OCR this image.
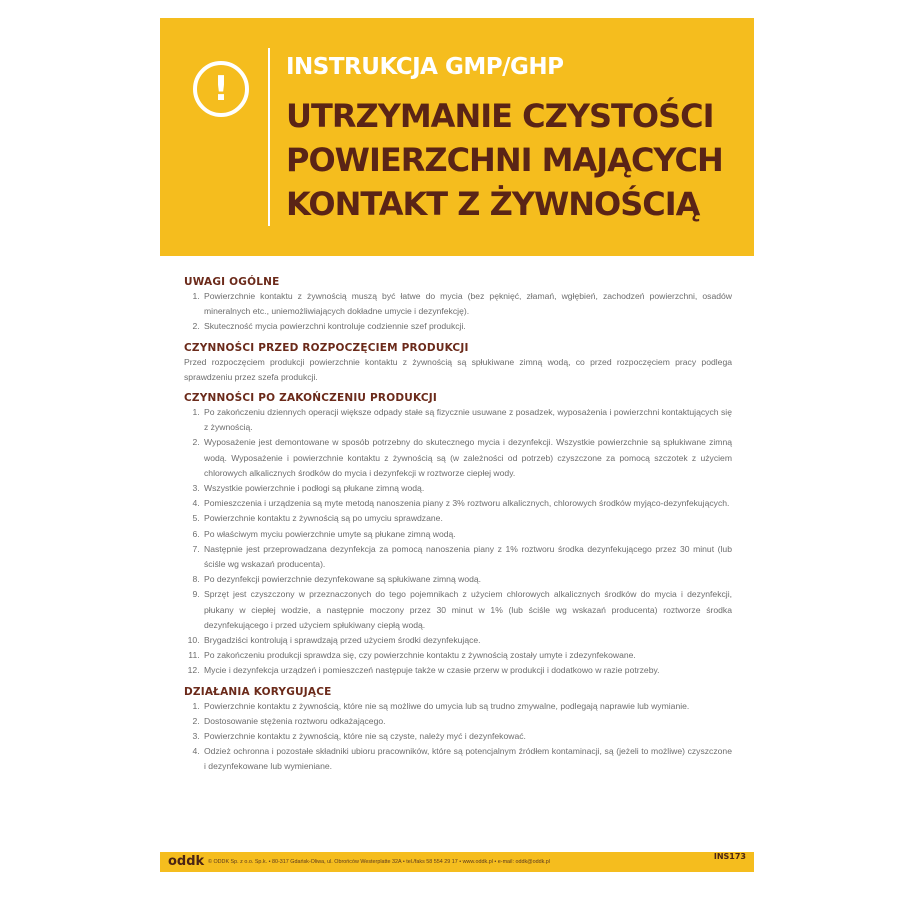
!
INSTRUKCJA GMP/GHP
UTRZYMANIE CZYSTOŚCI
POWIERZCHNI MAJĄCYCH
KONTAKT Z ŻYWNOŚCIĄ
UWAGI OGÓLNE
1. Powierzchnie kontaktu z żywnością muszą być łatwe do mycia (bez pęknięć, złamań, wgłębień, zachodzeń powierzchni, osadów mineralnych etc., uniemożliwiających dokładne umycie i dezynfekcję).
2. Skuteczność mycia powierzchni kontroluje codziennie szef produkcji.
CZYNNOŚCI PRZED ROZPOCZĘCIEM PRODUKCJI
Przed rozpoczęciem produkcji powierzchnie kontaktu z żywnością są spłukiwane zimną wodą, co przed rozpoczęciem pracy podlega sprawdzeniu przez szefa produkcji.
CZYNNOŚCI PO ZAKOŃCZENIU PRODUKCJI
1. Po zakończeniu dziennych operacji większe odpady stałe są fizycznie usuwane z posadzek, wyposażenia i powierzchni kontaktujących się z żywnością.
2. Wyposażenie jest demontowane w sposób potrzebny do skutecznego mycia i dezynfekcji. Wszystkie powierzchnie są spłukiwane zimną wodą. Wyposażenie i powierzchnie kontaktu z żywnością są (w zależności od potrzeb) czyszczone za pomocą szczotek z użyciem chlorowych alkalicznych środków do mycia i dezynfekcji w roztworze ciepłej wody.
3. Wszystkie powierzchnie i podłogi są płukane zimną wodą.
4. Pomieszczenia i urządzenia są myte metodą nanoszenia piany z 3% roztworu alkalicznych, chlorowych środków myjąco-dezynfekujących.
5. Powierzchnie kontaktu z żywnością są po umyciu sprawdzane.
6. Po właściwym myciu powierzchnie umyte są płukane zimną wodą.
7. Następnie jest przeprowadzana dezynfekcja za pomocą nanoszenia piany z 1% roztworu środka dezynfekującego przez 30 minut (lub ściśle wg wskazań producenta).
8. Po dezynfekcji powierzchnie dezynfekowane są spłukiwane zimną wodą.
9. Sprzęt jest czyszczony w przeznaczonych do tego pojemnikach z użyciem chlorowych alkalicznych środków do mycia i dezynfekcji, płukany w ciepłej wodzie, a następnie moczony przez 30 minut w 1% (lub ściśle wg wskazań producenta) roztworze środka dezynfekującego i przed użyciem spłukiwany ciepłą wodą.
10. Brygadziści kontrolują i sprawdzają przed użyciem środki dezynfekujące.
11. Po zakończeniu produkcji sprawdza się, czy powierzchnie kontaktu z żywnością zostały umyte i zdezynfekowane.
12. Mycie i dezynfekcja urządzeń i pomieszczeń następuje także w czasie przerw w produkcji i dodatkowo w razie potrzeby.
DZIAŁANIA KORYGUJĄCE
1. Powierzchnie kontaktu z żywnością, które nie są możliwe do umycia lub są trudno zmywalne, podlegają naprawie lub wymianie.
2. Dostosowanie stężenia roztworu odkażającego.
3. Powierzchnie kontaktu z żywnością, które nie są czyste, należy myć i dezynfekować.
4. Odzież ochronna i pozostałe składniki ubioru pracowników, które są potencjalnym źródłem kontaminacji, są (jeżeli to możliwe) czyszczone i dezynfekowane lub wymieniane.
oddk © ODDK Sp. z o.o. Sp.k. • 80-317 Gdańsk-Oliwa, ul. Obrońców Westerplatte 32A • tel./faks 58 554 29 17 • www.oddk.pl • e-mail: oddk@oddk.pl
INS173
